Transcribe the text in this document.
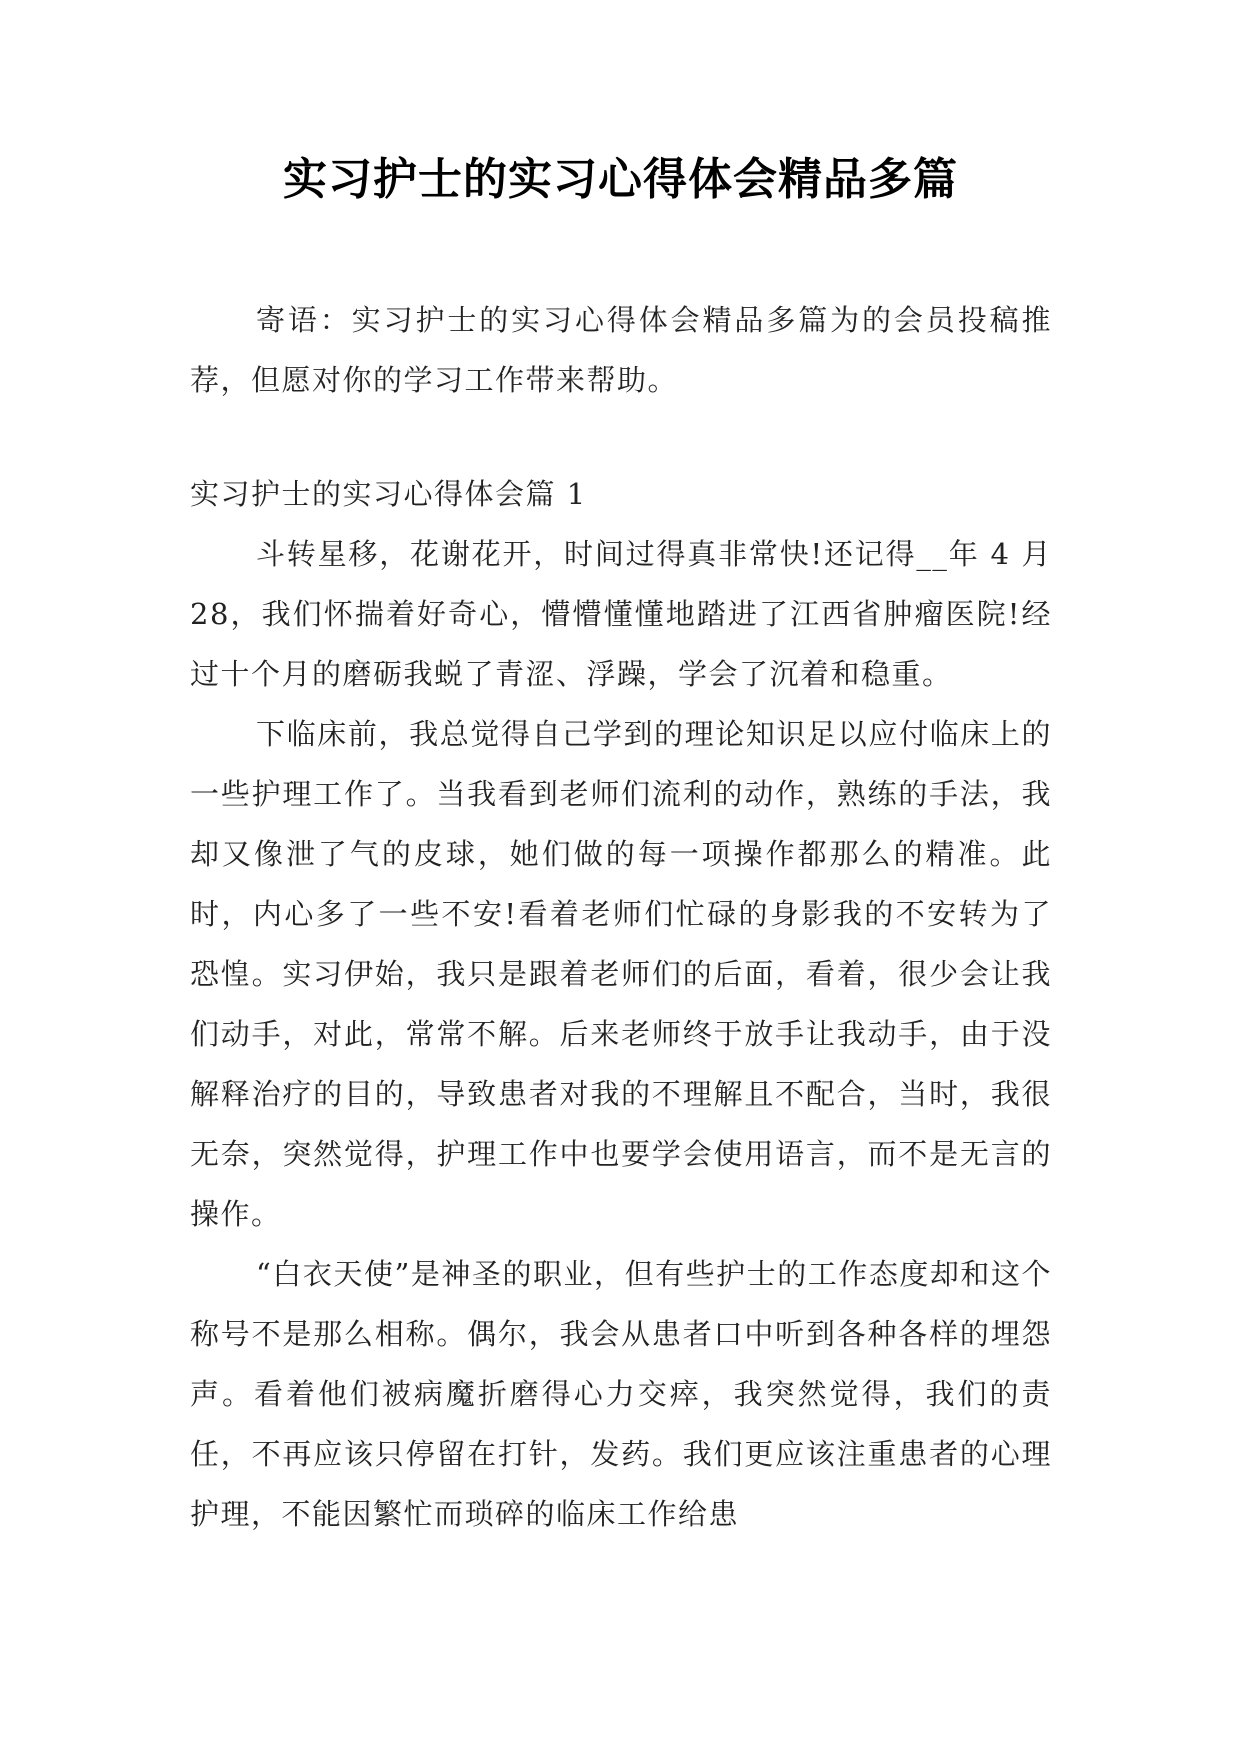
实习护士的实习心得体会精品多篇

寄语：实习护士的实习心得体会精品多篇为的会员投稿推荐，但愿对你的学习工作带来帮助。

实习护士的实习心得体会篇 1

斗转星移，花谢花开，时间过得真非常快!还记得__年 4 月 28，我们怀揣着好奇心，懵懵懂懂地踏进了江西省肿瘤医院!经过十个月的磨砺我蜕了青涩、浮躁，学会了沉着和稳重。

下临床前，我总觉得自己学到的理论知识足以应付临床上的一些护理工作了。当我看到老师们流利的动作，熟练的手法，我却又像泄了气的皮球，她们做的每一项操作都那么的精准。此时，内心多了一些不安!看着老师们忙碌的身影我的不安转为了恐惶。实习伊始，我只是跟着老师们的后面，看着，很少会让我们动手，对此，常常不解。后来老师终于放手让我动手，由于没解释治疗的目的，导致患者对我的不理解且不配合，当时，我很无奈，突然觉得，护理工作中也要学会使用语言，而不是无言的操作。

“白衣天使”是神圣的职业，但有些护士的工作态度却和这个称号不是那么相称。偶尔，我会从患者口中听到各种各样的埋怨声。看着他们被病魔折磨得心力交瘁，我突然觉得，我们的责任，不再应该只停留在打针，发药。我们更应该注重患者的心理护理，不能因繁忙而琐碎的临床工作给患
